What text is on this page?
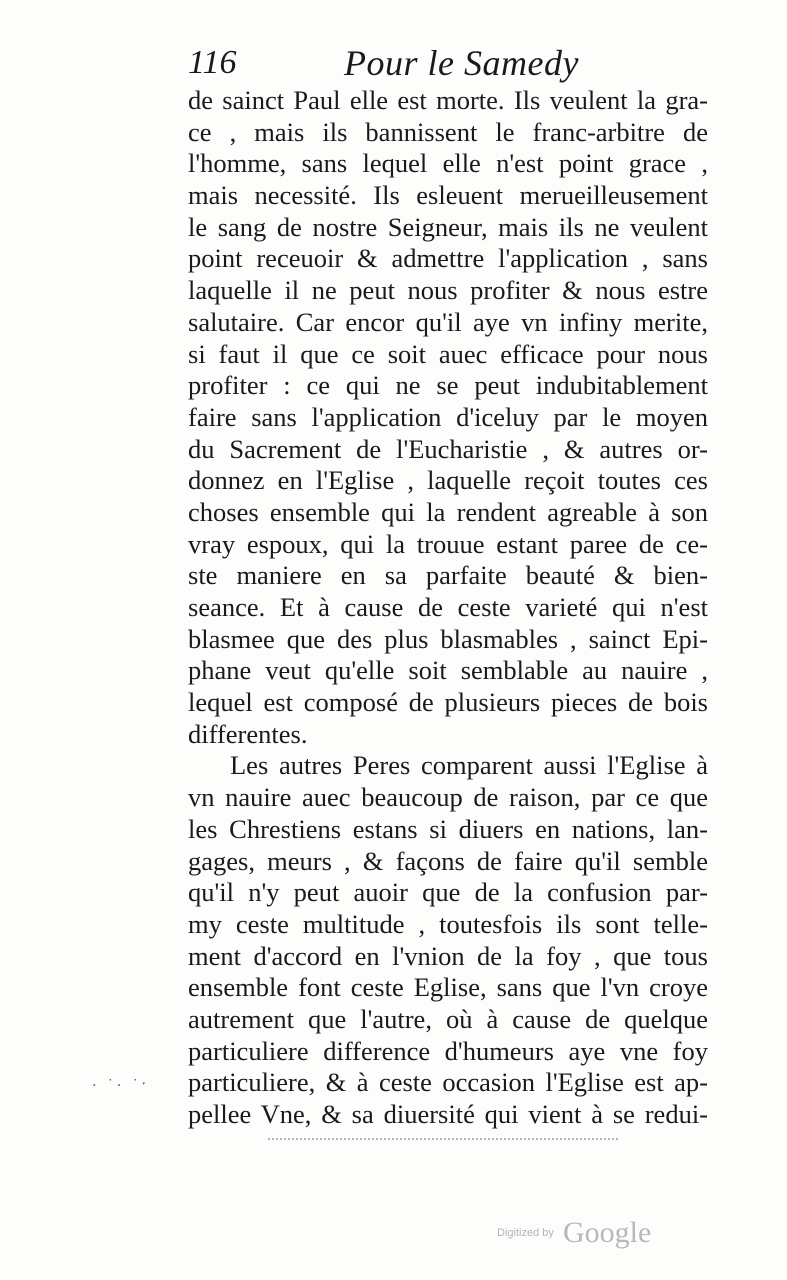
116	Pour le Samedy
de sainct Paul elle est morte. Ils veulent la gra-
ce , mais ils bannissent le franc-arbitre de
l'homme, sans lequel elle n'est point grace ,
mais necessité. Ils esleuent merueilleusement
le sang de nostre Seigneur, mais ils ne veulent
point receuoir & admettre l'application , sans
laquelle il ne peut nous profiter & nous estre
salutaire. Car encor qu'il aye vn infiny merite,
si faut il que ce soit auec efficace pour nous
profiter : ce qui ne se peut indubitablement
faire sans l'application d'iceluy par le moyen
du Sacrement de l'Eucharistie , & autres or-
donnez en l'Eglise , laquelle reçoit toutes ces
choses ensemble qui la rendent agreable à son
vray espoux, qui la trouue estant paree de ce-
ste maniere en sa parfaite beauté & bien-
seance. Et à cause de ceste varieté qui n'est
blasmee que des plus blasmables , sainct Epi-
phane veut qu'elle soit semblable au nauire ,
lequel est composé de plusieurs pieces de bois
differentes.
Les autres Peres comparent aussi l'Eglise à
vn nauire auec beaucoup de raison, par ce que
les Chrestiens estans si diuers en nations, lan-
gages, meurs , & façons de faire qu'il semble
qu'il n'y peut auoir que de la confusion par-
my ceste multitude , toutesfois ils sont telle-
ment d'accord en l'vnion de la foy , que tous
ensemble font ceste Eglise, sans que l'vn croye
autrement que l'autre, où à cause de quelque
particuliere difference d'humeurs aye vne foy
particuliere, & à ceste occasion l'Eglise est ap-
pellee Vne, & sa diuersité qui vient à se redui-
· ˙· ˙ˑ
Digitized by Google
